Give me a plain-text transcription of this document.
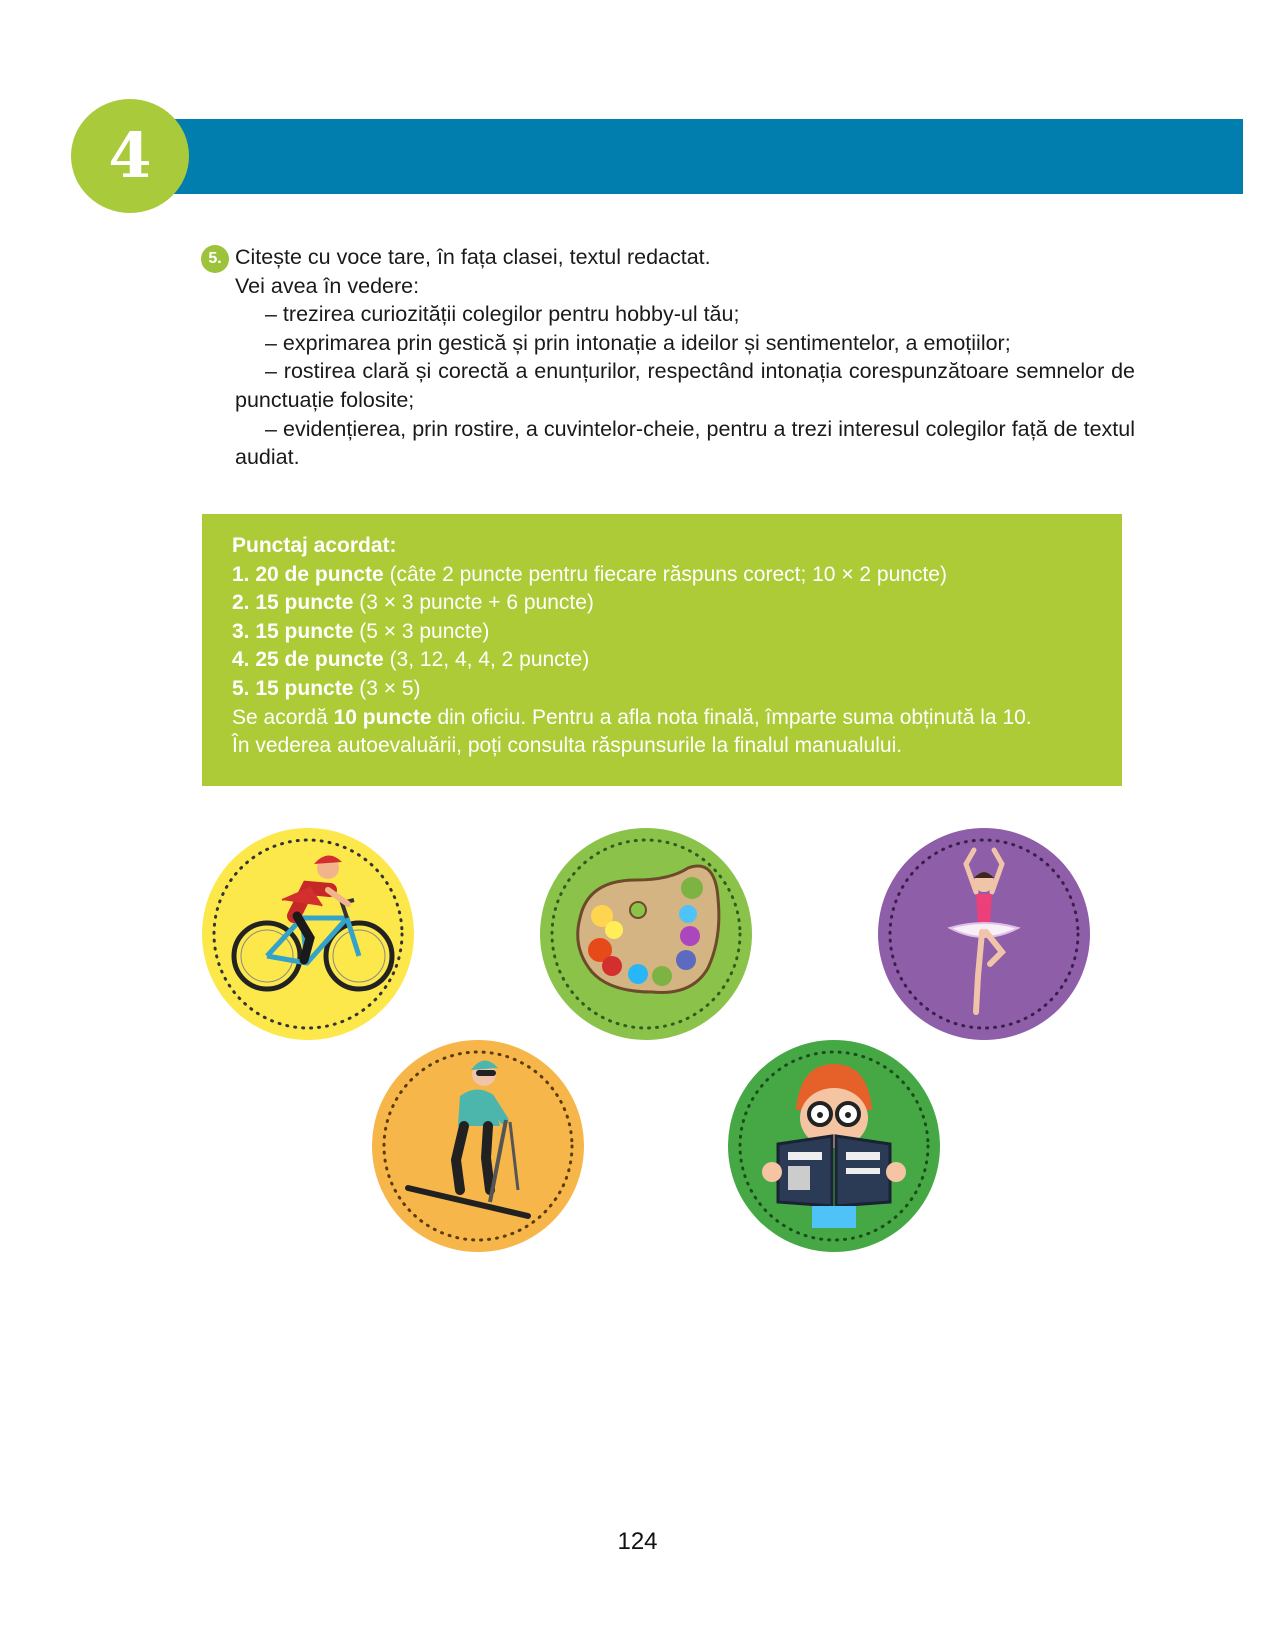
4
5. Citește cu voce tare, în fața clasei, textul redactat.

Vei avea în vedere:

– trezirea curiozității colegilor pentru hobby-ul tău;

– exprimarea prin gestică și prin intonație a ideilor și sentimentelor, a emoțiilor;

– rostirea clară și corectă a enunțurilor, respectând intonația corespunzătoare semnelor de punctuație folosite;

– evidențierea, prin rostire, a cuvintelor-cheie, pentru a trezi interesul colegilor față de textul audiat.

Punctaj acordat:

1. 20 de puncte (câte 2 puncte pentru fiecare răspuns corect; 10 × 2 puncte)

2. 15 puncte (3 × 3 puncte + 6 puncte)

3. 15 puncte (5 × 3 puncte)

4. 25 de puncte (3, 12, 4, 4, 2 puncte)

5. 15 puncte (3 × 5)

Se acordă 10 puncte din oficiu. Pentru a afla nota finală, împarte suma obținută la 10.

În vederea autoevaluării, poți consulta răspunsurile la finalul manualului.

124
